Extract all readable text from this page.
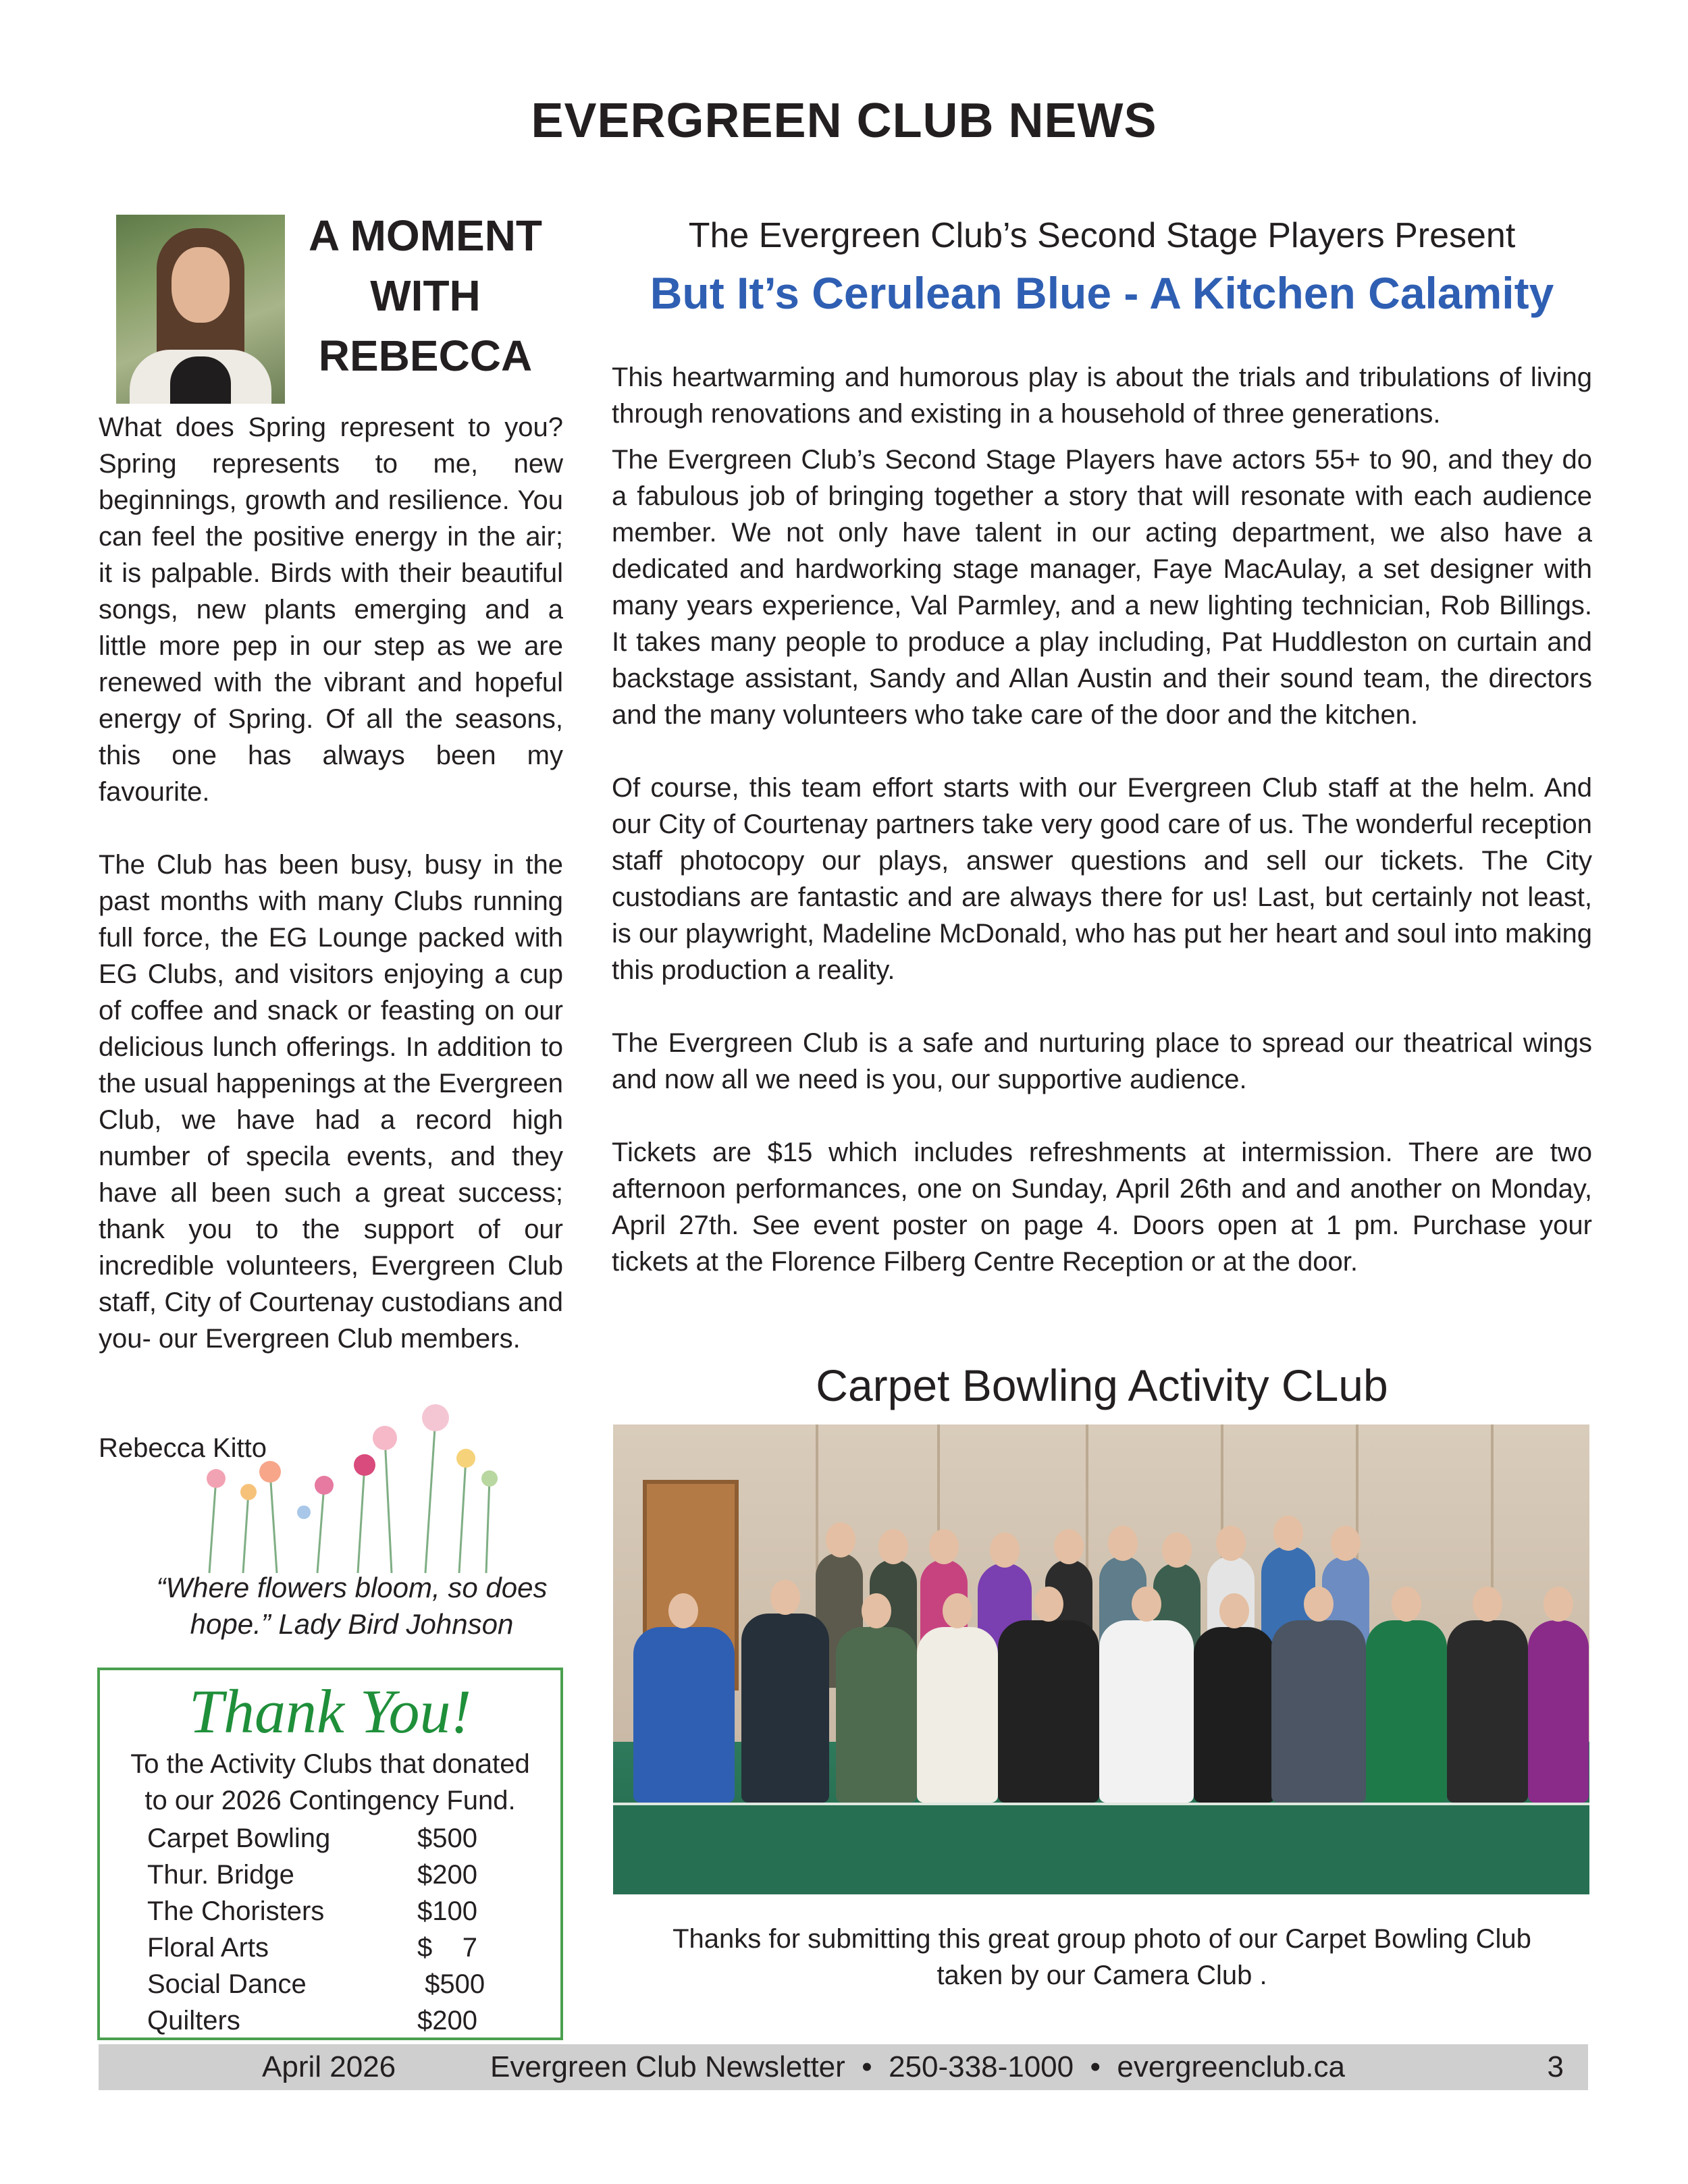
EVERGREEN CLUB NEWS
A MOMENT
WITH
REBECCA

What does Spring represent to you? Spring represents to me, new beginnings, growth and resilience. You can feel the positive energy in the air; it is palpable. Birds with their beautiful songs, new plants emerging and a little more pep in our step as we are renewed with the vibrant and hopeful energy of Spring. Of all the seasons, this one has always been my favourite.

The Club has been busy, busy in the past months with many Clubs running full force, the EG Lounge packed with EG Clubs, and visitors enjoying a cup of coffee and snack or feasting on our delicious lunch offerings. In addition to the usual happenings at the Evergreen Club, we have had a record high number of specila events, and they have all been such a great success; thank you to the support of our incredible volunteers, Evergreen Club staff, City of Courtenay custodians and you- our Evergreen Club members.

Rebecca Kitto
“Where flowers bloom, so does
hope.” Lady Bird Johnson
Thank You!
To the Activity Clubs that donated
to our 2026 Contingency Fund.
Carpet Bowling	$500
Thur. Bridge	$200
The Choristers	$100
Floral Arts	$    7
Social Dance	$500
Quilters	$200
The Evergreen Club’s Second Stage Players Present
But It’s Cerulean Blue - A Kitchen Calamity

This heartwarming and humorous play is about the trials and tribulations of living through renovations and existing in a household of three generations.

The Evergreen Club’s Second Stage Players have actors 55+ to 90, and they do a fabulous job of bringing together a story that will resonate with each audience member. We not only have talent in our acting department, we also have a dedicated and hardworking stage manager, Faye MacAulay, a set designer with many years experience, Val Parmley, and a new lighting technician, Rob Billings. It takes many people to produce a play including, Pat Huddleston on curtain and backstage assistant, Sandy and Allan Austin and their sound team, the directors and the many volunteers who take care of the door and the kitchen.

Of course, this team effort starts with our Evergreen Club staff at the helm. And our City of Courtenay partners take very good care of us. The wonderful reception staff photocopy our plays, answer questions and sell our tickets. The City custodians are fantastic and are always there for us! Last, but certainly not least, is our playwright, Madeline McDonald, who has put her heart and soul into making this production a reality.

The Evergreen Club is a safe and nurturing place to spread our theatrical wings and now all we need is you, our supportive audience.

Tickets are $15 which includes refreshments at intermission. There are two afternoon performances, one on Sunday, April 26th and and another on Monday, April 27th. See event poster on page 4. Doors open at 1 pm. Purchase your tickets at the Florence Filberg Centre Reception or at the door.

Carpet Bowling Activity CLub
Thanks for submitting this great group photo of our Carpet Bowling Club
taken by our Camera Club .
April 2026	Evergreen Club Newsletter  •  250-338-1000  •  evergreenclub.ca	3
